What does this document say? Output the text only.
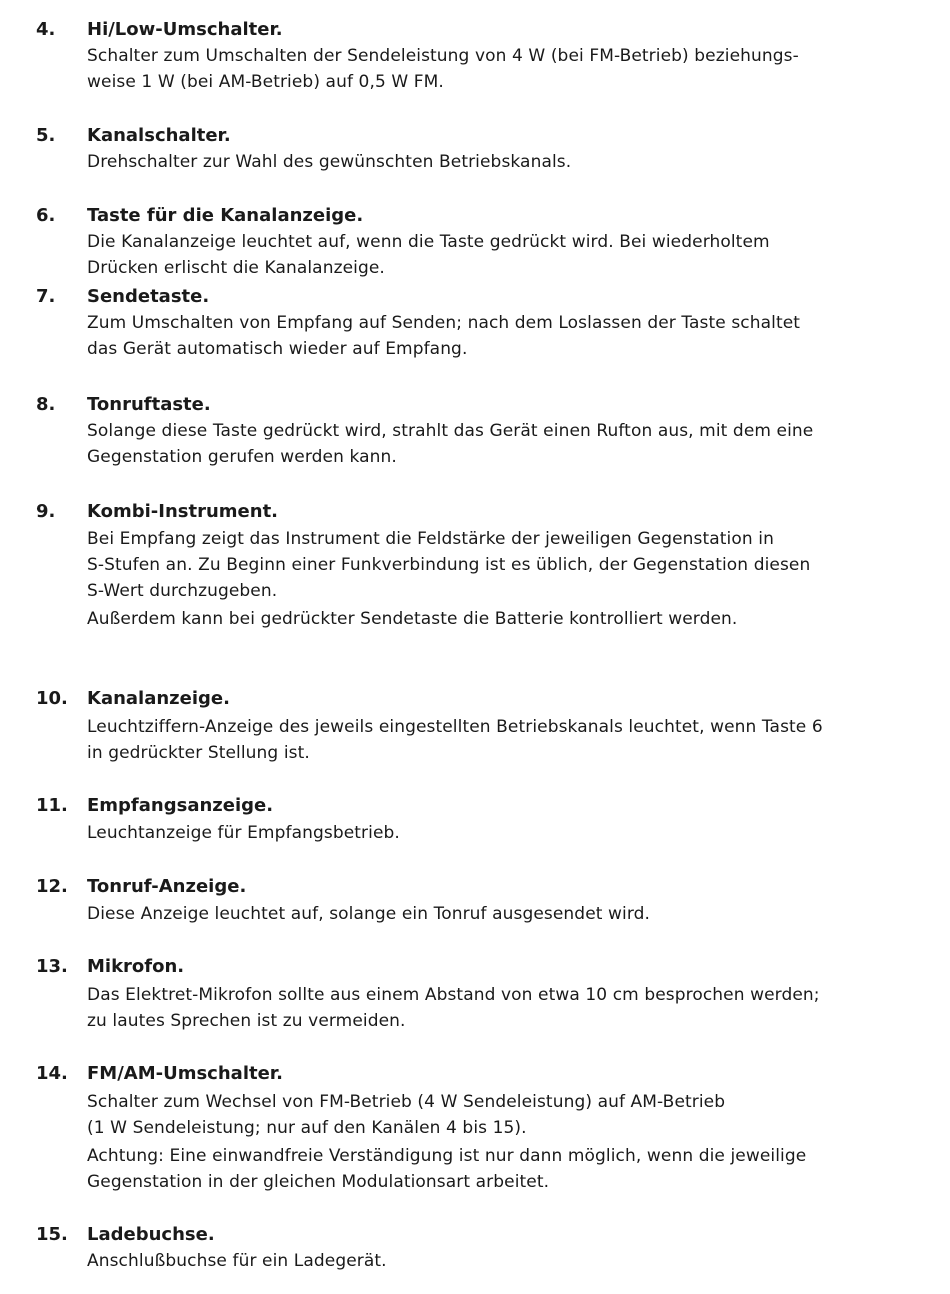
4. Hi/Low-Umschalter.
Schalter zum Umschalten der Sendeleistung von 4 W (bei FM-Betrieb) beziehungs-
weise 1 W (bei AM-Betrieb) auf 0,5 W FM.
5. Kanalschalter.
Drehschalter zur Wahl des gewünschten Betriebskanals.
6. Taste für die Kanalanzeige.
Die Kanalanzeige leuchtet auf, wenn die Taste gedrückt wird. Bei wiederholtem
Drücken erlischt die Kanalanzeige.
7. Sendetaste.
Zum Umschalten von Empfang auf Senden; nach dem Loslassen der Taste schaltet
das Gerät automatisch wieder auf Empfang.
8. Tonruftaste.
Solange diese Taste gedrückt wird, strahlt das Gerät einen Rufton aus, mit dem eine
Gegenstation gerufen werden kann.
9. Kombi-Instrument.
Bei Empfang zeigt das Instrument die Feldstärke der jeweiligen Gegenstation in
S-Stufen an. Zu Beginn einer Funkverbindung ist es üblich, der Gegenstation diesen
S-Wert durchzugeben.
Außerdem kann bei gedrückter Sendetaste die Batterie kontrolliert werden.
10. Kanalanzeige.
Leuchtziffern-Anzeige des jeweils eingestellten Betriebskanals leuchtet, wenn Taste 6
in gedrückter Stellung ist.
11. Empfangsanzeige.
Leuchtanzeige für Empfangsbetrieb.
12. Tonruf-Anzeige.
Diese Anzeige leuchtet auf, solange ein Tonruf ausgesendet wird.
13. Mikrofon.
Das Elektret-Mikrofon sollte aus einem Abstand von etwa 10 cm besprochen werden;
zu lautes Sprechen ist zu vermeiden.
14. FM/AM-Umschalter.
Schalter zum Wechsel von FM-Betrieb (4 W Sendeleistung) auf AM-Betrieb
(1 W Sendeleistung; nur auf den Kanälen 4 bis 15).
Achtung: Eine einwandfreie Verständigung ist nur dann möglich, wenn die jeweilige
Gegenstation in der gleichen Modulationsart arbeitet.
15. Ladebuchse.
Anschlußbuchse für ein Ladegerät.
